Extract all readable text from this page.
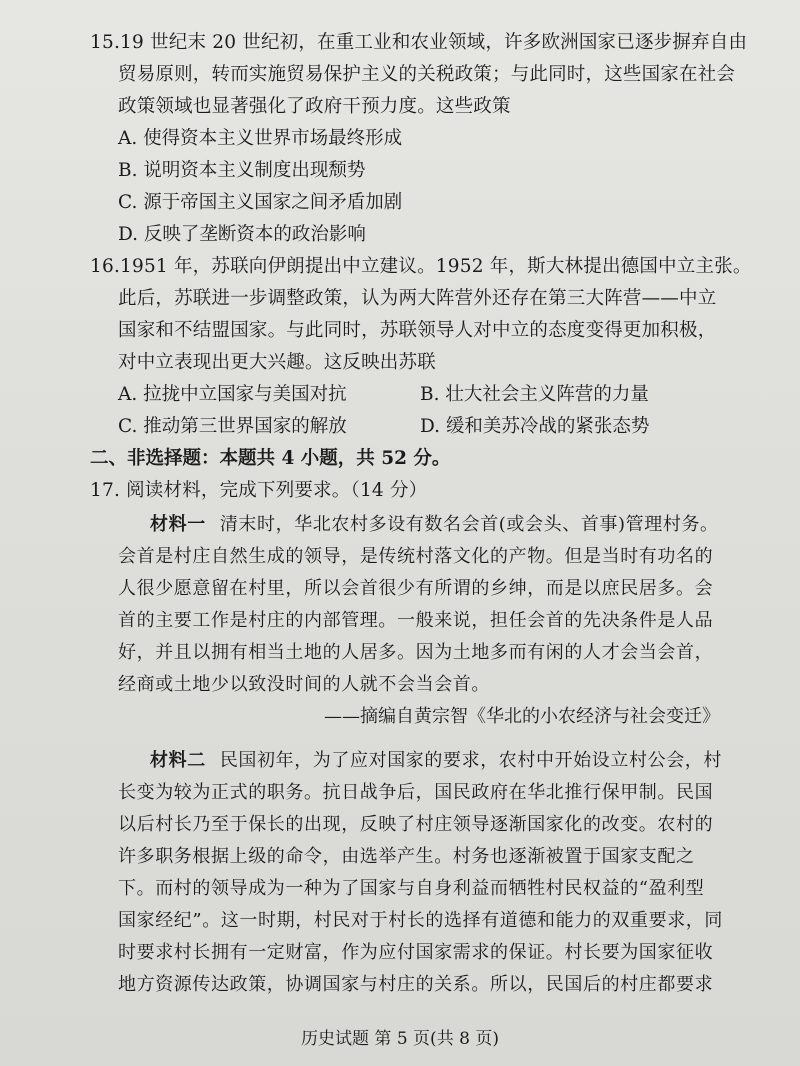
15.19 世纪末 20 世纪初，在重工业和农业领域，许多欧洲国家已逐步摒弃自由
贸易原则，转而实施贸易保护主义的关税政策；与此同时，这些国家在社会
政策领域也显著强化了政府干预力度。这些政策
A. 使得资本主义世界市场最终形成
B. 说明资本主义制度出现颓势
C. 源于帝国主义国家之间矛盾加剧
D. 反映了垄断资本的政治影响
16.1951 年，苏联向伊朗提出中立建议。1952 年，斯大林提出德国中立主张。
此后，苏联进一步调整政策，认为两大阵营外还存在第三大阵营——中立
国家和不结盟国家。与此同时，苏联领导人对中立的态度变得更加积极，
对中立表现出更大兴趣。这反映出苏联
A. 拉拢中立国家与美国对抗	B. 壮大社会主义阵营的力量
C. 推动第三世界国家的解放	D. 缓和美苏冷战的紧张态势
二、非选择题：本题共 4 小题，共 52 分。
17. 阅读材料，完成下列要求。（14 分）
材料一 清末时，华北农村多设有数名会首(或会头、首事)管理村务。
会首是村庄自然生成的领导，是传统村落文化的产物。但是当时有功名的
人很少愿意留在村里，所以会首很少有所谓的乡绅，而是以庶民居多。会
首的主要工作是村庄的内部管理。一般来说，担任会首的先决条件是人品
好，并且以拥有相当土地的人居多。因为土地多而有闲的人才会当会首，
经商或土地少以致没时间的人就不会当会首。
——摘编自黄宗智《华北的小农经济与社会变迁》
材料二 民国初年，为了应对国家的要求，农村中开始设立村公会，村
长变为较为正式的职务。抗日战争后，国民政府在华北推行保甲制。民国
以后村长乃至于保长的出现，反映了村庄领导逐渐国家化的改变。农村的
许多职务根据上级的命令，由选举产生。村务也逐渐被置于国家支配之
下。而村的领导成为一种为了国家与自身利益而牺牲村民权益的“盈利型
国家经纪”。这一时期，村民对于村长的选择有道德和能力的双重要求，同
时要求村长拥有一定财富，作为应付国家需求的保证。村长要为国家征收
地方资源传达政策，协调国家与村庄的关系。所以，民国后的村庄都要求
历史试题 第 5 页(共 8 页)
